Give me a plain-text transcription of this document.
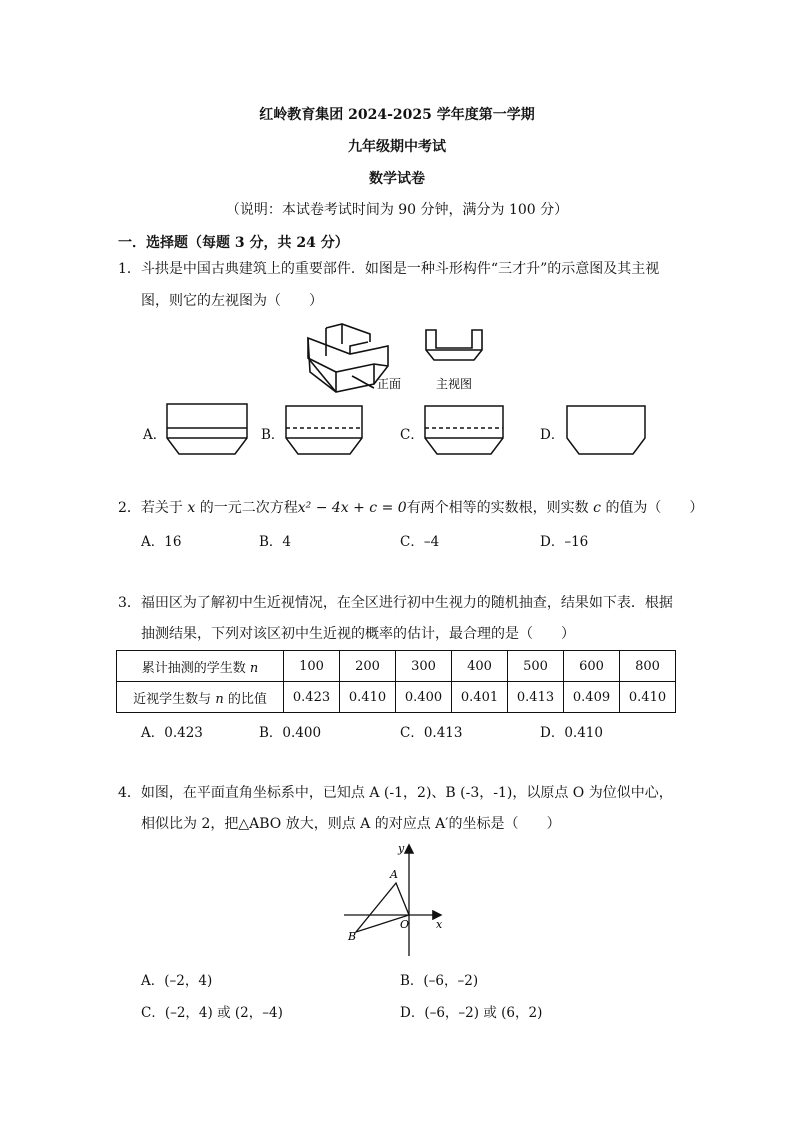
红岭教育集团 2024-2025 学年度第一学期
九年级期中考试
数学试卷
（说明：本试卷考试时间为 90 分钟，满分为 100 分）
一．选择题（每题 3 分，共 24 分）
1．斗拱是中国古典建筑上的重要部件．如图是一种斗形构件“三才升”的示意图及其主视
图，则它的左视图为（　　）
正面	主视图
A．	B．	C．	D．
2．若关于 x 的一元二次方程x² − 4x + c = 0有两个相等的实数根，则实数 c 的值为（　　）
A．16	B．4	C．–4	D．–16
3．福田区为了解初中生近视情况，在全区进行初中生视力的随机抽查，结果如下表．根据
抽测结果，下列对该区初中生近视的概率的估计，最合理的是（　　）
累计抽测的学生数 n	100	200	300	400	500	600	800
近视学生数与 n 的比值	0.423	0.410	0.400	0.401	0.413	0.409	0.410
A．0.423	B．0.400	C．0.413	D．0.410
4．如图，在平面直角坐标系中，已知点 A (-1，2)、B (-3，-1)，以原点 O 为位似中心，
相似比为 2，把△ABO 放大，则点 A 的对应点 A′的坐标是（　　）
y
x
A
B
O
A．(–2，4)	B．(–6，–2)
C．(–2，4) 或 (2，–4)	D．(–6，–2) 或 (6，2)
